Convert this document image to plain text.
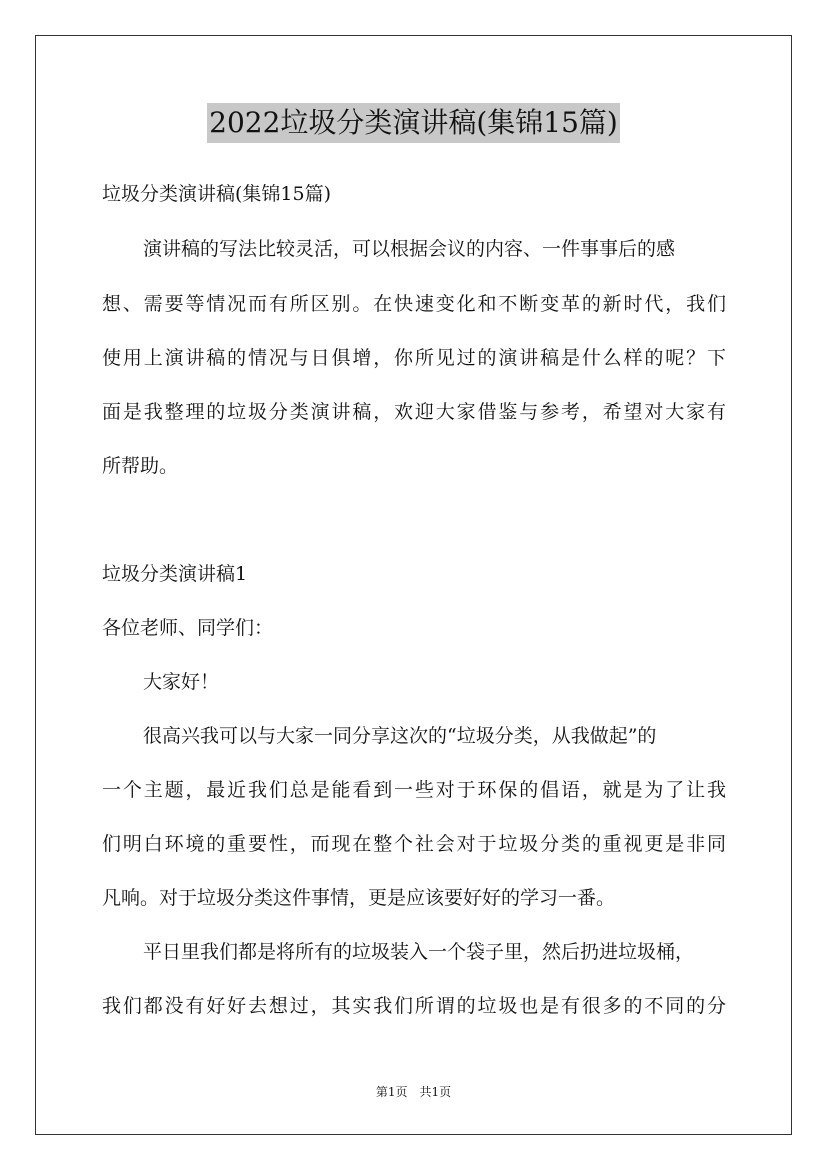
2022垃圾分类演讲稿(集锦15篇)
垃圾分类演讲稿(集锦15篇)
演讲稿的写法比较灵活，可以根据会议的内容、一件事事后的感
想、需要等情况而有所区别。在快速变化和不断变革的新时代，我们
使用上演讲稿的情况与日俱增，你所见过的演讲稿是什么样的呢？下
面是我整理的垃圾分类演讲稿，欢迎大家借鉴与参考，希望对大家有
所帮助。
垃圾分类演讲稿1
各位老师、同学们：
大家好！
很高兴我可以与大家一同分享这次的“垃圾分类，从我做起”的
一个主题，最近我们总是能看到一些对于环保的倡语，就是为了让我
们明白环境的重要性，而现在整个社会对于垃圾分类的重视更是非同
凡响。对于垃圾分类这件事情，更是应该要好好的学习一番。
平日里我们都是将所有的垃圾装入一个袋子里，然后扔进垃圾桶，
我们都没有好好去想过，其实我们所谓的垃圾也是有很多的不同的分
第1页　共1页
